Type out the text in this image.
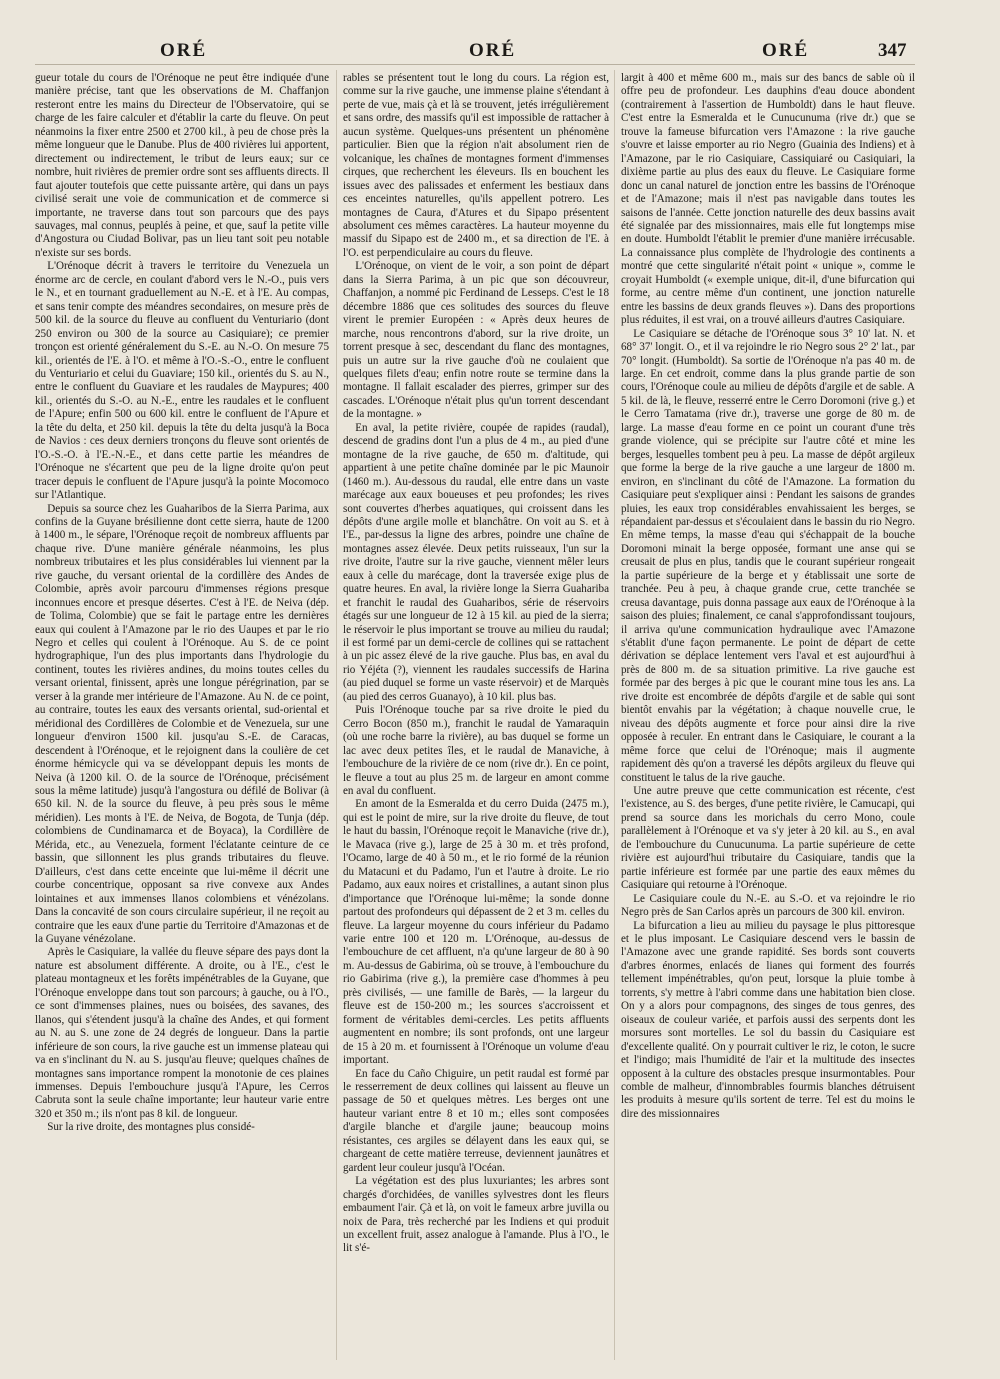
ORÉ	ORÉ	ORÉ	347

gueur totale du cours de l'Orénoque ne peut être indiquée d'une manière précise, tant que les observations de M. Chaffanjon resteront entre les mains du Directeur de l'Observatoire, qui se charge de les faire calculer et d'établir la carte du fleuve. On peut néanmoins la fixer entre 2500 et 2700 kil., à peu de chose près la même longueur que le Danube. Plus de 400 rivières lui apportent, directement ou indirectement, le tribut de leurs eaux; sur ce nombre, huit rivières de premier ordre sont ses affluents directs. Il faut ajouter toutefois que cette puissante artère, qui dans un pays civilisé serait une voie de communication et de commerce si importante, ne traverse dans tout son parcours que des pays sauvages, mal connus, peuplés à peine, et que, sauf la petite ville d'Angostura ou Ciudad Bolivar, pas un lieu tant soit peu notable n'existe sur ses bords.

L'Orénoque décrit à travers le territoire du Venezuela un énorme arc de cercle, en coulant d'abord vers le N.-O., puis vers le N., et en tournant graduellement au N.-E. et à l'E. Au compas, et sans tenir compte des méandres secondaires, on mesure près de 500 kil. de la source du fleuve au confluent du Venturiario (dont 250 environ ou 300 de la source au Casiquiare); ce premier tronçon est orienté généralement du S.-E. au N.-O. On mesure 75 kil., orientés de l'E. à l'O. et même à l'O.-S.-O., entre le confluent du Venturiario et celui du Guaviare; 150 kil., orientés du S. au N., entre le confluent du Guaviare et les raudales de Maypures; 400 kil., orientés du S.-O. au N.-E., entre les raudales et le confluent de l'Apure; enfin 500 ou 600 kil. entre le confluent de l'Apure et la tête du delta, et 250 kil. depuis la tête du delta jusqu'à la Boca de Navios : ces deux derniers tronçons du fleuve sont orientés de l'O.-S.-O. à l'E.-N.-E., et dans cette partie les méandres de l'Orénoque ne s'écartent que peu de la ligne droite qu'on peut tracer depuis le confluent de l'Apure jusqu'à la pointe Mocomoco sur l'Atlantique.

Depuis sa source chez les Guaharibos de la Sierra Parima, aux confins de la Guyane brésilienne dont cette sierra, haute de 1200 à 1400 m., le sépare, l'Orénoque reçoit de nombreux affluents par chaque rive. D'une manière générale néanmoins, les plus nombreux tributaires et les plus considérables lui viennent par la rive gauche, du versant oriental de la cordillère des Andes de Colombie, après avoir parcouru d'immenses régions presque inconnues encore et presque désertes. C'est à l'E. de Neiva (dép. de Tolima, Colombie) que se fait le partage entre les dernières eaux qui coulent à l'Amazone par le rio des Uaupes et par le rio Negro et celles qui coulent à l'Orénoque. Au S. de ce point hydrographique, l'un des plus importants dans l'hydrologie du continent, toutes les rivières andines, du moins toutes celles du versant oriental, finissent, après une longue pérégrination, par se verser à la grande mer intérieure de l'Amazone. Au N. de ce point, au contraire, toutes les eaux des versants oriental, sud-oriental et méridional des Cordillères de Colombie et de Venezuela, sur une longueur d'environ 1500 kil. jusqu'au S.-E. de Caracas, descendent à l'Orénoque, et le rejoignent dans la coulière de cet énorme hémicycle qui va se développant depuis les monts de Neiva (à 1200 kil. O. de la source de l'Orénoque, précisément sous la même latitude) jusqu'à l'angostura ou défilé de Bolivar (à 650 kil. N. de la source du fleuve, à peu près sous le même méridien). Les monts à l'E. de Neiva, de Bogota, de Tunja (dép. colombiens de Cundinamarca et de Boyaca), la Cordillère de Mérida, etc., au Venezuela, forment l'éclatante ceinture de ce bassin, que sillonnent les plus grands tributaires du fleuve. D'ailleurs, c'est dans cette enceinte que lui-même il décrit une courbe concentrique, opposant sa rive convexe aux Andes lointaines et aux immenses llanos colombiens et vénézolans. Dans la concavité de son cours circulaire supérieur, il ne reçoit au contraire que les eaux d'une partie du Territoire d'Amazonas et de la Guyane vénézolane.

Après le Casiquiare, la vallée du fleuve sépare des pays dont la nature est absolument différente. A droite, ou à l'E., c'est le plateau montagneux et les forêts impénétrables de la Guyane, que l'Orénoque enveloppe dans tout son parcours; à gauche, ou à l'O., ce sont d'immenses plaines, nues ou boisées, des savanes, des llanos, qui s'étendent jusqu'à la chaîne des Andes, et qui forment au N. au S. une zone de 24 degrés de longueur. Dans la partie inférieure de son cours, la rive gauche est un immense plateau qui va en s'inclinant du N. au S. jusqu'au fleuve; quelques chaînes de montagnes sans importance rompent la monotonie de ces plaines immenses. Depuis l'embouchure jusqu'à l'Apure, les Cerros Cabruta sont la seule chaîne importante; leur hauteur varie entre 320 et 350 m.; ils n'ont pas 8 kil. de longueur.

Sur la rive droite, des montagnes plus considé-

rables se présentent tout le long du cours. La région est, comme sur la rive gauche, une immense plaine s'étendant à perte de vue, mais çà et là se trouvent, jetés irrégulièrement et sans ordre, des massifs qu'il est impossible de rattacher à aucun système. Quelques-uns présentent un phénomène particulier. Bien que la région n'ait absolument rien de volcanique, les chaînes de montagnes forment d'immenses cirques, que recherchent les éleveurs. Ils en bouchent les issues avec des palissades et enferment les bestiaux dans ces enceintes naturelles, qu'ils appellent potrero. Les montagnes de Caura, d'Atures et du Sipapo présentent absolument ces mêmes caractères. La hauteur moyenne du massif du Sipapo est de 2400 m., et sa direction de l'E. à l'O. est perpendiculaire au cours du fleuve.

L'Orénoque, on vient de le voir, a son point de départ dans la Sierra Parima, à un pic que son découvreur, Chaffanjon, a nommé pic Ferdinand de Lesseps. C'est le 18 décembre 1886 que ces solitudes des sources du fleuve virent le premier Européen : « Après deux heures de marche, nous rencontrons d'abord, sur la rive droite, un torrent presque à sec, descendant du flanc des montagnes, puis un autre sur la rive gauche d'où ne coulaient que quelques filets d'eau; enfin notre route se termine dans la montagne. Il fallait escalader des pierres, grimper sur des cascades. L'Orénoque n'était plus qu'un torrent descendant de la montagne. »

En aval, la petite rivière, coupée de rapides (raudal), descend de gradins dont l'un a plus de 4 m., au pied d'une montagne de la rive gauche, de 650 m. d'altitude, qui appartient à une petite chaîne dominée par le pic Maunoir (1460 m.). Au-dessous du raudal, elle entre dans un vaste marécage aux eaux boueuses et peu profondes; les rives sont couvertes d'herbes aquatiques, qui croissent dans les dépôts d'une argile molle et blanchâtre. On voit au S. et à l'E., par-dessus la ligne des arbres, poindre une chaîne de montagnes assez élevée. Deux petits ruisseaux, l'un sur la rive droite, l'autre sur la rive gauche, viennent mêler leurs eaux à celle du marécage, dont la traversée exige plus de quatre heures. En aval, la rivière longe la Sierra Guaharibа et franchit le raudal des Guaharibos, série de réservoirs étagés sur une longueur de 12 à 15 kil. au pied de la sierra; le réservoir le plus important se trouve au milieu du raudal; il est formé par un demi-cercle de collines qui se rattachent à un pic assez élevé de la rive gauche. Plus bas, en aval du rio Yéjéta (?), viennent les raudales successifs de Harina (au pied duquel se forme un vaste réservoir) et de Marquès (au pied des cerros Guanayo), à 10 kil. plus bas.

Puis l'Orénoque touche par sa rive droite le pied du Cerro Bocon (850 m.), franchit le raudal de Yamaraquin (où une roche barre la rivière), au bas duquel se forme un lac avec deux petites îles, et le raudal de Manaviche, à l'embouchure de la rivière de ce nom (rive dr.). En ce point, le fleuve a tout au plus 25 m. de largeur en amont comme en aval du confluent.

En amont de la Esmeralda et du cerro Duida (2475 m.), qui est le point de mire, sur la rive droite du fleuve, de tout le haut du bassin, l'Orénoque reçoit le Manaviche (rive dr.), le Mavaca (rive g.), large de 25 à 30 m. et très profond, l'Ocamo, large de 40 à 50 m., et le rio formé de la réunion du Matacuni et du Padamo, l'un et l'autre à droite. Le rio Padamo, aux eaux noires et cristallines, a autant sinon plus d'importance que l'Orénoque lui-même; la sonde donne partout des profondeurs qui dépassent de 2 et 3 m. celles du fleuve. La largeur moyenne du cours inférieur du Padamo varie entre 100 et 120 m. L'Orénoque, au-dessus de l'embouchure de cet affluent, n'a qu'une largeur de 80 à 90 m. Au-dessus de Gabirima, où se trouve, à l'embouchure du rio Gabirima (rive g.), la première case d'hommes à peu près civilisés, — une famille de Barès, — la largeur du fleuve est de 150-200 m.; les sources s'accroissent et forment de véritables demi-cercles. Les petits affluents augmentent en nombre; ils sont profonds, ont une largeur de 15 à 20 m. et fournissent à l'Orénoque un volume d'eau important.

En face du Caño Chiguire, un petit raudal est formé par le resserrement de deux collines qui laissent au fleuve un passage de 50 et quelques mètres. Les berges ont une hauteur variant entre 8 et 10 m.; elles sont composées d'argile blanche et d'argile jaune; beaucoup moins résistantes, ces argiles se délayent dans les eaux qui, se chargeant de cette matière terreuse, deviennent jaunâtres et gardent leur couleur jusqu'à l'Océan.

La végétation est des plus luxuriantes; les arbres sont chargés d'orchidées, de vanilles sylvestres dont les fleurs embaument l'air. Çà et là, on voit le fameux arbre juvilla ou noix de Para, très recherché par les Indiens et qui produit un excellent fruit, assez analogue à l'amande. Plus à l'O., le lit s'é-

largit à 400 et même 600 m., mais sur des bancs de sable où il offre peu de profondeur. Les dauphins d'eau douce abondent (contrairement à l'assertion de Humboldt) dans le haut fleuve. C'est entre la Esmeralda et le Cunucunuma (rive dr.) que se trouve la fameuse bifurcation vers l'Amazone : la rive gauche s'ouvre et laisse emporter au rio Negro (Guainia des Indiens) et à l'Amazone, par le rio Casiquiare, Cassiquiaré ou Casiquiari, la dixième partie au plus des eaux du fleuve. Le Casiquiare forme donc un canal naturel de jonction entre les bassins de l'Orénoque et de l'Amazone; mais il n'est pas navigable dans toutes les saisons de l'année. Cette jonction naturelle des deux bassins avait été signalée par des missionnaires, mais elle fut longtemps mise en doute. Humboldt l'établit le premier d'une manière irrécusable. La connaissance plus complète de l'hydrologie des continents a montré que cette singularité n'était point « unique », comme le croyait Humboldt (« exemple unique, dit-il, d'une bifurcation qui forme, au centre même d'un continent, une jonction naturelle entre les bassins de deux grands fleuves »). Dans des proportions plus réduites, il est vrai, on a trouvé ailleurs d'autres Casiquiare.

Le Casiquiare se détache de l'Orénoque sous 3° 10' lat. N. et 68° 37' longit. O., et il va rejoindre le rio Negro sous 2° 2' lat., par 70° longit. (Humboldt). Sa sortie de l'Orénoque n'a pas 40 m. de large. En cet endroit, comme dans la plus grande partie de son cours, l'Orénoque coule au milieu de dépôts d'argile et de sable. A 5 kil. de là, le fleuve, resserré entre le Cerro Doromoni (rive g.) et le Cerro Tamatama (rive dr.), traverse une gorge de 80 m. de large. La masse d'eau forme en ce point un courant d'une très grande violence, qui se précipite sur l'autre côté et mine les berges, lesquelles tombent peu à peu. La masse de dépôt argileux que forme la berge de la rive gauche a une largeur de 1800 m. environ, en s'inclinant du côté de l'Amazone. La formation du Casiquiare peut s'expliquer ainsi : Pendant les saisons de grandes pluies, les eaux trop considérables envahissaient les berges, se répandaient par-dessus et s'écoulaient dans le bassin du rio Negro. En même temps, la masse d'eau qui s'échappait de la bouche Doromoni minait la berge opposée, formant une anse qui se creusait de plus en plus, tandis que le courant supérieur rongeait la partie supérieure de la berge et y établissait une sorte de tranchée. Peu à peu, à chaque grande crue, cette tranchée se creusa davantage, puis donna passage aux eaux de l'Orénoque à la saison des pluies; finalement, ce canal s'approfondissant toujours, il arriva qu'une communication hydraulique avec l'Amazone s'établit d'une façon permanente. Le point de départ de cette dérivation se déplace lentement vers l'aval et est aujourd'hui à près de 800 m. de sa situation primitive. La rive gauche est formée par des berges à pic que le courant mine tous les ans. La rive droite est encombrée de dépôts d'argile et de sable qui sont bientôt envahis par la végétation; à chaque nouvelle crue, le niveau des dépôts augmente et force pour ainsi dire la rive opposée à reculer. En entrant dans le Casiquiare, le courant a la même force que celui de l'Orénoque; mais il augmente rapidement dès qu'on a traversé les dépôts argileux du fleuve qui constituent le talus de la rive gauche.

Une autre preuve que cette communication est récente, c'est l'existence, au S. des berges, d'une petite rivière, le Camucapi, qui prend sa source dans les morichals du cerro Mono, coule parallèlement à l'Orénoque et va s'y jeter à 20 kil. au S., en aval de l'embouchure du Cunucunuma. La partie supérieure de cette rivière est aujourd'hui tributaire du Casiquiare, tandis que la partie inférieure est formée par une partie des eaux mêmes du Casiquiare qui retourne à l'Orénoque.

Le Casiquiare coule du N.-E. au S.-O. et va rejoindre le rio Negro près de San Carlos après un parcours de 300 kil. environ.

La bifurcation a lieu au milieu du paysage le plus pittoresque et le plus imposant. Le Casiquiare descend vers le bassin de l'Amazone avec une grande rapidité. Ses bords sont couverts d'arbres énormes, enlacés de lianes qui forment des fourrés tellement impénétrables, qu'on peut, lorsque la pluie tombe à torrents, s'y mettre à l'abri comme dans une habitation bien close. On y a alors pour compagnons, des singes de tous genres, des oiseaux de couleur variée, et parfois aussi des serpents dont les morsures sont mortelles. Le sol du bassin du Casiquiare est d'excellente qualité. On y pourrait cultiver le riz, le coton, le sucre et l'indigo; mais l'humidité de l'air et la multitude des insectes opposent à la culture des obstacles presque insurmontables. Pour comble de malheur, d'innombrables fourmis blanches détruisent les produits à mesure qu'ils sortent de terre. Tel est du moins le dire des missionnaires
